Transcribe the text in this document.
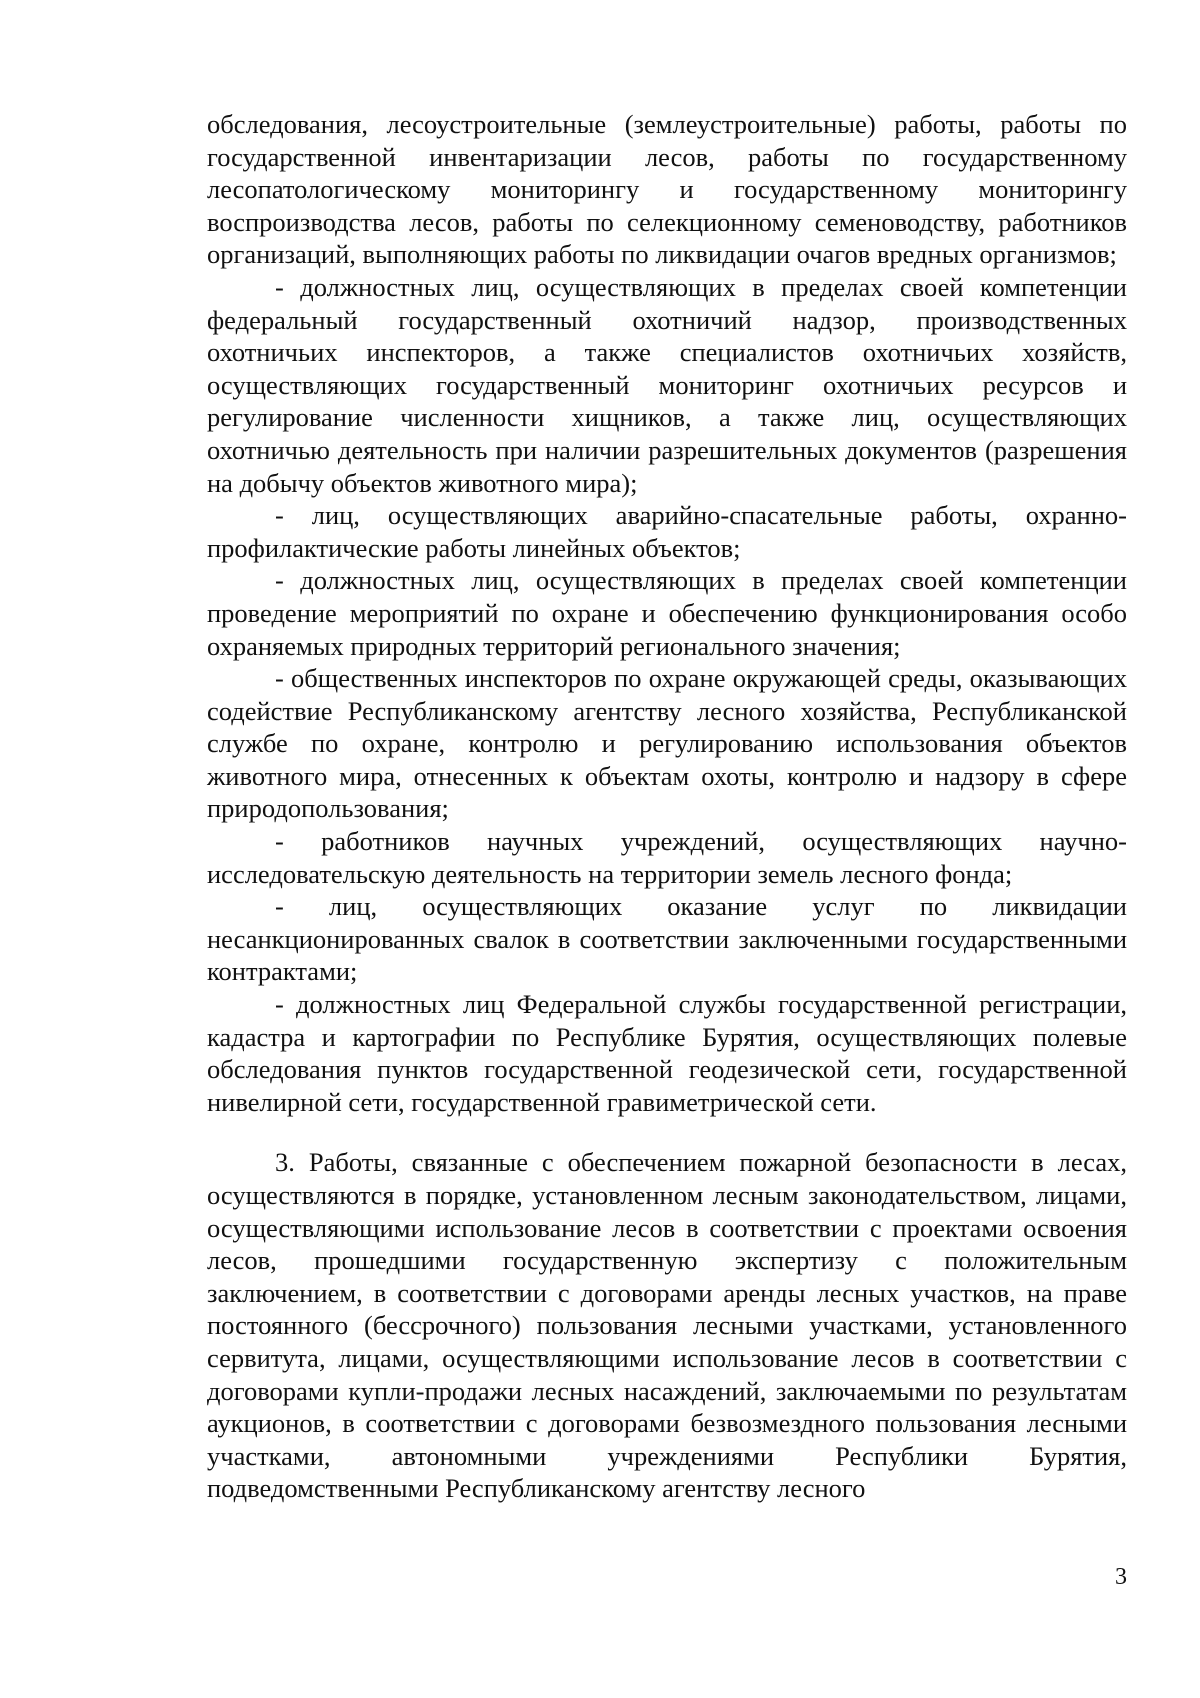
обследования, лесоустроительные (землеустроительные) работы, работы по государственной инвентаризации лесов, работы по государственному лесопатологическому мониторингу и государственному мониторингу воспроизводства лесов, работы по селекционному семеноводству, работников организаций, выполняющих работы по ликвидации очагов вредных организмов;

- должностных лиц, осуществляющих в пределах своей компетенции федеральный государственный охотничий надзор, производственных охотничьих инспекторов, а также специалистов охотничьих хозяйств, осуществляющих государственный мониторинг охотничьих ресурсов и регулирование численности хищников, а также лиц, осуществляющих охотничью деятельность при наличии разрешительных документов (разрешения на добычу объектов животного мира);

- лиц, осуществляющих аварийно-спасательные работы, охранно-профилактические работы линейных объектов;

- должностных лиц, осуществляющих в пределах своей компетенции проведение мероприятий по охране и обеспечению функционирования особо охраняемых природных территорий регионального значения;

- общественных инспекторов по охране окружающей среды, оказывающих содействие Республиканскому агентству лесного хозяйства, Республиканской службе по охране, контролю и регулированию использования объектов животного мира, отнесенных к объектам охоты, контролю и надзору в сфере природопользования;

- работников научных учреждений, осуществляющих научно-исследовательскую деятельность на территории земель лесного фонда;

- лиц, осуществляющих оказание услуг по ликвидации несанкционированных свалок в соответствии заключенными государственными контрактами;

- должностных лиц Федеральной службы государственной регистрации, кадастра и картографии по Республике Бурятия, осуществляющих полевые обследования пунктов государственной геодезической сети, государственной нивелирной сети, государственной гравиметрической сети.

3. Работы, связанные с обеспечением пожарной безопасности в лесах, осуществляются в порядке, установленном лесным законодательством, лицами, осуществляющими использование лесов в соответствии с проектами освоения лесов, прошедшими государственную экспертизу с положительным заключением, в соответствии с договорами аренды лесных участков, на праве постоянного (бессрочного) пользования лесными участками, установленного сервитута, лицами, осуществляющими использование лесов в соответствии с договорами купли-продажи лесных насаждений, заключаемыми по результатам аукционов, в соответствии с договорами безвозмездного пользования лесными участками, автономными учреждениями Республики Бурятия, подведомственными Республиканскому агентству лесного

3
